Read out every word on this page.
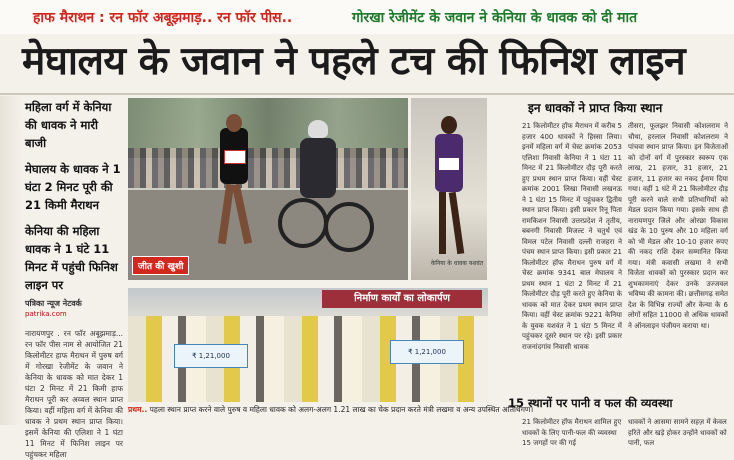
हाफ मैराथन : रन फॉर अबूझमाड़.. रन फॉर पीस..	गोरखा रेजीमेंट के जवान ने केनिया के धावक को दी मात
मेघालय के जवान ने पहले टच की फिनिश लाइन

महिला वर्ग में केनिया की धावक ने मारी बाजी

मेघालय के धावक ने 1 घंटा 2 मिनट पूरी की 21 किमी मैराथन

केनिया की महिला धावक ने 1 घंटे 11 मिनट में पहुंची फिनिश लाइन पर

पत्रिका न्यूज नेटवर्क
patrika.com
नारायणपुर . रन फॉर अबूझमाड़... रन फॉर पीस नाम से आयोजित 21 किलोमीटर हाफ मैराथन में पुरुष वर्ग में गोरखा रेजीमेंट के जवान ने केनिया के धावक को मात देकर 1 घंटा 2 मिनट में 21 किमी हाफ मैराथन पूरी कर अव्वल स्थान प्राप्त किया। वहीं महिला वर्ग में केनिया की धावक ने प्रथम स्थान प्राप्त किया। इसमें केनिया की एलिशा ने 1 घंटा 11 मिनट में फिनिश लाइन पर पहुंचकर महिला
जीत की खुशी	केनिया के धावक यशवंत
इन धावकों ने प्राप्त किया स्थान
21 किलोमीटर हॉफ मैराथन में करीब 5 हजार 400 धावकों ने हिस्सा लिया। इनमें महिला वर्ग में चेस्ट क्रमांक 2053 एलिशा निवासी केनिया ने 1 घंटा 11 मिनट में 21 किलोमीटर दौड़ पूरी करते हुए प्रथम स्थान प्राप्त किया। वहीं चेस्ट क्रमांक 2001 लिखा निवासी लखनऊ ने 1 घंटा 15 मिनट में पहुंचकर द्वितीय स्थान प्राप्त किया। इसी प्रकार रिनू पिता रामकिशन निवासी उत्तरप्रदेश ने तृतीय, बबनगी निवासी मिजल्ट ने चतुर्थ एवं विमल पटेल निवासी दल्ली राजहरा ने पंचम स्थान प्राप्त किया। इसी प्रकार 21 किलोमीटर हॉफ मैराथन पुरुष वर्ग में चेस्ट क्रमांक 9341 बाल मेघालय ने प्रथम स्थान 1 घंटा 2 मिनट में 21 किलोमीटर दौड़ पूरी करते हुए केनिया के धावक को मात देकर प्रथम स्थान प्राप्त किया। वहीं चेस्ट क्रमांक 9221 केनिया के युवक यशवंत ने 1 घंटा 5 मिनट में पहुंचकर दूसरे स्थान पर रहे। इसी प्रकार राजनांदगांव निवासी धावक
तीसरा, फूलझर निवासी कोशलराम ने चौथा, हरलाल निवासी कोशलराम ने पांचवा स्थान प्राप्त किया। इन विजेताओं को दोनों वर्ग में पुरस्कार स्वरूप एक लाख, 21 हजार, 31 हजार, 21 हजार, 11 हजार का नकद ईनाम दिया गया। वहीं 1 घंटे में 21 किलोमीटर दौड़ पूरी करने वाले सभी प्रतिभागियों को मेडल प्रदान किया गया। इसके साथ ही नारायणपुर जिले और ओरछा विकास खंड के 10 पुरुष और 10 महिला वर्ग को भी मेडल और 10-10 हजार रुपए की नकद राशि देकर सम्मानित किया गया। मंत्री कवासी लखमा ने सभी विजेता धावकों को पुरस्कार प्रदान कर शुभकामनाएं देकर उनके उज्जवल भविष्य की कामना की। छत्तीसगढ़ समेत देश के विभिन्न राज्यों और केन्या के 6 लोगों सहित 11000 से अधिक धावकों ने ऑनलाइन पंजीयन कराया था।
15 स्थानों पर पानी व फल की व्यवस्था
21 किलोमीटर हॉफ मैराथन शामिल हुए धावकों के लिए पानी-फल की व्यवस्था 15 जगहों पर की गई
धावकों ने आसमा सामने सहज़ में केवल हरिते और खड़े होकर उन्होंने धावकों को पानी, फल
निर्माण कार्यों का लोकार्पण
₹ 1,21,000	₹ 1,21,000
प्रथम.. पहला स्थान प्राप्त करने वाले पुरुष व महिला धावक को अलग-अलग 1.21 लाख का चेक प्रदान करते मंत्री लखमा व अन्य उपस्थित अतिथिगण।
